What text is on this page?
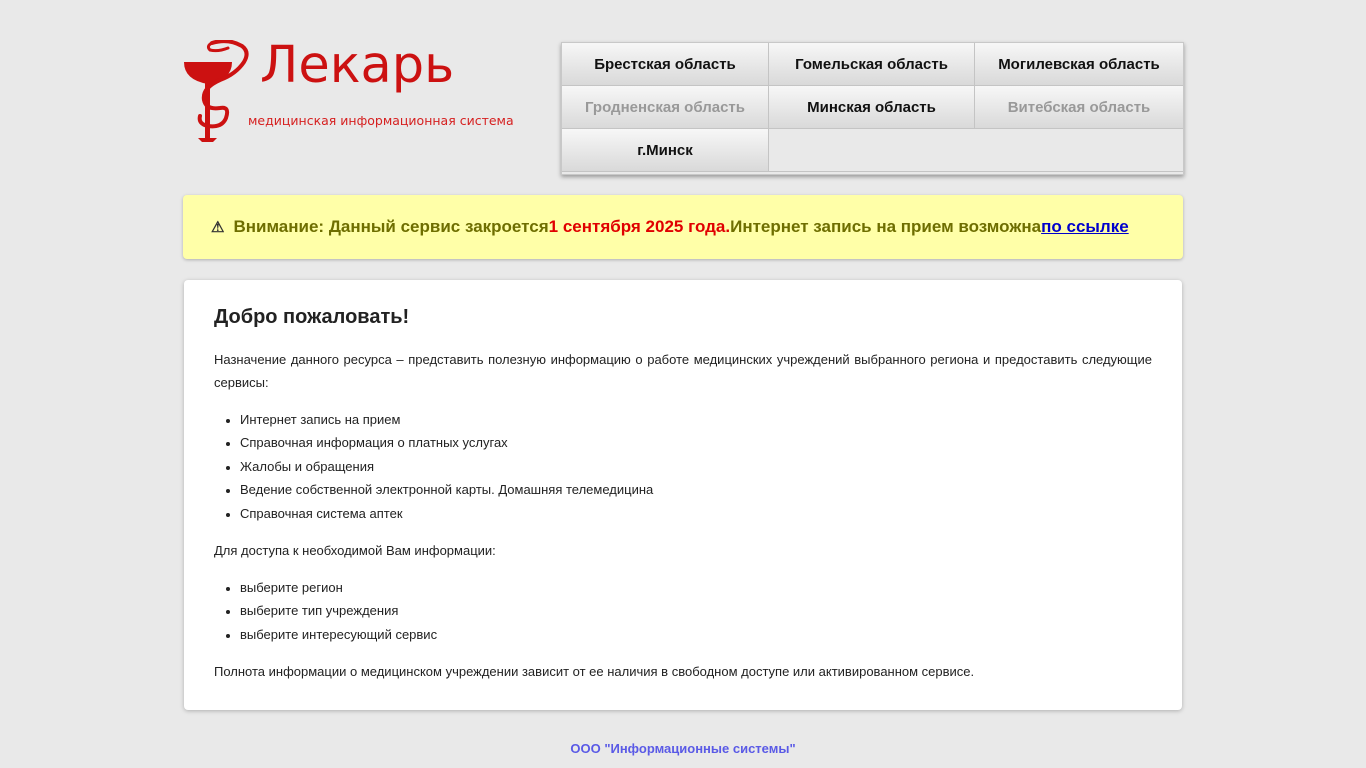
Лекарь
медицинская информационная система
Брестская область	Гомельская область	Могилевская область
Гродненская область	Минская область	Витебская область
г.Минск
⚠ Внимание: Данный сервис закроется 1 сентября 2025 года. Интернет запись на прием возможна по ссылке
Добро пожаловать!

Назначение данного ресурса – представить полезную информацию о работе медицинских учреждений выбранного региона и предоставить следующие сервисы:

• Интернет запись на прием
• Справочная информация о платных услугах
• Жалобы и обращения
• Ведение собственной электронной карты. Домашняя телемедицина
• Справочная система аптек

Для доступа к необходимой Вам информации:

• выберите регион
• выберите тип учреждения
• выберите интересующий сервис

Полнота информации о медицинском учреждении зависит от ее наличия в свободном доступе или активированном сервисе.

ООО "Информационные системы"
